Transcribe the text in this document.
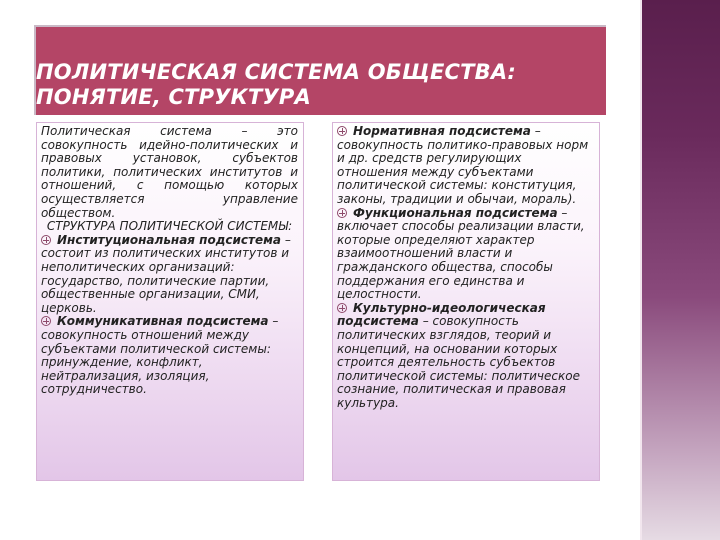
ПОЛИТИЧЕСКАЯ СИСТЕМА ОБЩЕСТВА: ПОНЯТИЕ, СТРУКТУРА

Политическая система – это совокупность идейно-политических и правовых установок, субъектов политики, политических институтов и отношений, с помощью которых осуществляется управление обществом.

СТРУКТУРА ПОЛИТИЧЕСКОЙ СИСТЕМЫ:

Институциональная подсистема – состоит из политических институтов и неполитических организаций: государство, политические партии, общественные организации, СМИ, церковь.

Коммуникативная подсистема – совокупность отношений между субъектами политической системы: принуждение, конфликт, нейтрализация, изоляция, сотрудничество.

Нормативная подсистема – совокупность политико-правовых норм и др. средств регулирующих отношения между субъектами политической системы: конституция, законы, традиции и обычаи, мораль).

Функциональная подсистема – включает способы реализации власти, которые определяют характер взаимоотношений власти и гражданского общества, способы поддержания его единства и целостности.

Культурно-идеологическая подсистема – совокупность политических взглядов, теорий и концепций, на основании которых строится деятельность субъектов политической системы: политическое сознание, политическая и правовая культура.
